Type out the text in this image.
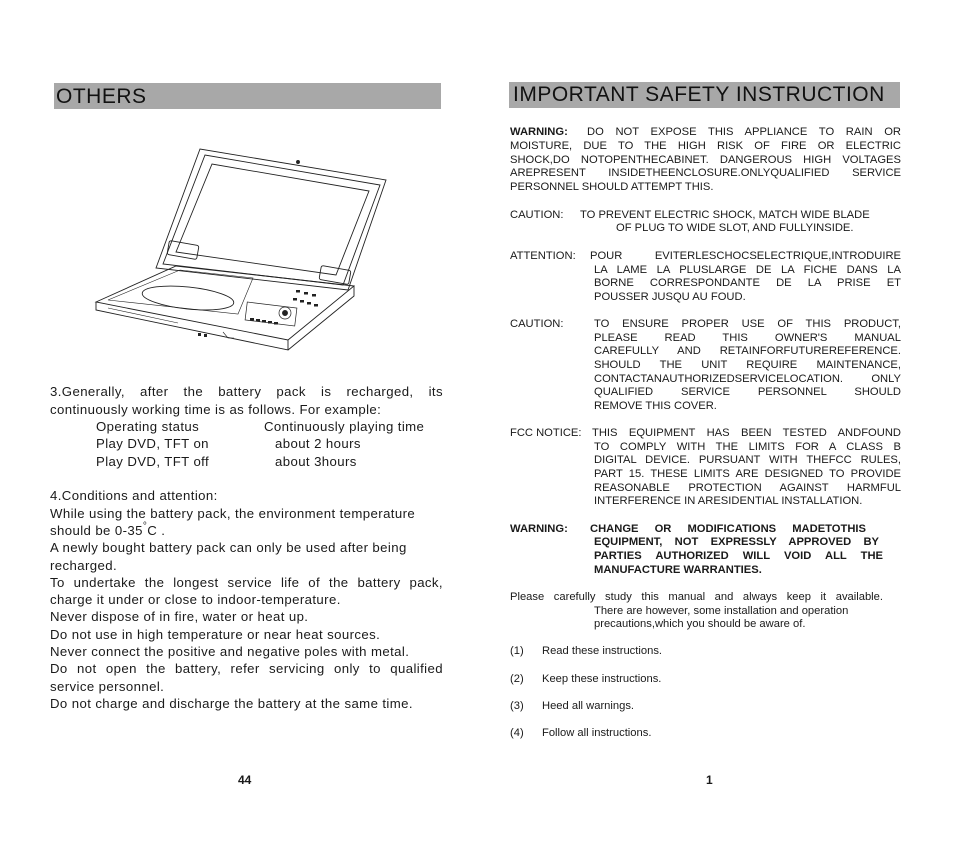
OTHERS
3.Generally, after the battery pack is recharged, its
continuously working time is as follows. For example:
Operating status	Continuously playing time
Play DVD, TFT on	about 2 hours
Play DVD, TFT off	about 3hours
4.Conditions and attention:
While using the battery pack, the environment temperature
should be 0-35°C .
A newly bought battery pack can only be used after being
recharged.
To undertake the longest service life of the battery pack,
charge it under or close to indoor-temperature.
Never dispose of in fire, water or heat up.
Do not use in high temperature or near heat sources.
Never connect the positive and negative poles with metal.
Do not open the battery, refer servicing only to qualified
service personnel.
Do not charge and discharge the battery at the same time.
44
IMPORTANT SAFETY INSTRUCTION
WARNING: DO NOT EXPOSE THIS APPLIANCE TO RAIN OR
MOISTURE, DUE TO THE HIGH RISK OF FIRE OR ELECTRIC
SHOCK,DO NOTOPENTHECABINET. DANGEROUS HIGH VOLTAGES
AREPRESENT INSIDETHEENCLOSURE.ONLYQUALIFIED SERVICE
PERSONNEL SHOULD ATTEMPT THIS.
CAUTION: TO PREVENT ELECTRIC SHOCK, MATCH WIDE BLADE
OF PLUG TO WIDE SLOT, AND FULLYINSIDE.
ATTENTION: POUR EVITERLESCHOCSELECTRIQUE,INTRODUIRE
LA LAME LA PLUSLARGE DE LA FICHE DANS LA
BORNE CORRESPONDANTE DE LA PRISE ET
POUSSER JUSQU AU FOUD.
CAUTION:	TO ENSURE PROPER USE OF THIS PRODUCT,
PLEASE READ THIS OWNER'S MANUAL
CAREFULLY AND RETAINFORFUTUREREFERENCE.
SHOULD THE UNIT REQUIRE MAINTENANCE,
CONTACTANAUTHORIZEDSERVICELOCATION. ONLY
QUALIFIED SERVICE PERSONNEL SHOULD
REMOVE THIS COVER.
FCC NOTICE: THIS EQUIPMENT HAS BEEN TESTED ANDFOUND
TO COMPLY WITH THE LIMITS FOR A CLASS B
DIGITAL DEVICE. PURSUANT WITH THEFCC RULES,
PART 15. THESE LIMITS ARE DESIGNED TO PROVIDE
REASONABLE PROTECTION AGAINST HARMFUL
INTERFERENCE IN ARESIDENTIAL INSTALLATION.
WARNING: CHANGE OR MODIFICATIONS MADETOTHIS
EQUIPMENT, NOT EXPRESSLY APPROVED BY
PARTIES AUTHORIZED WILL VOID ALL THE
MANUFACTURE WARRANTIES.
Please carefully study this manual and always keep it available.
There are however, some installation and operation
precautions,which you should be aware of.
(1) Read these instructions.
(2) Keep these instructions.
(3) Heed all warnings.
(4) Follow all instructions.
1
